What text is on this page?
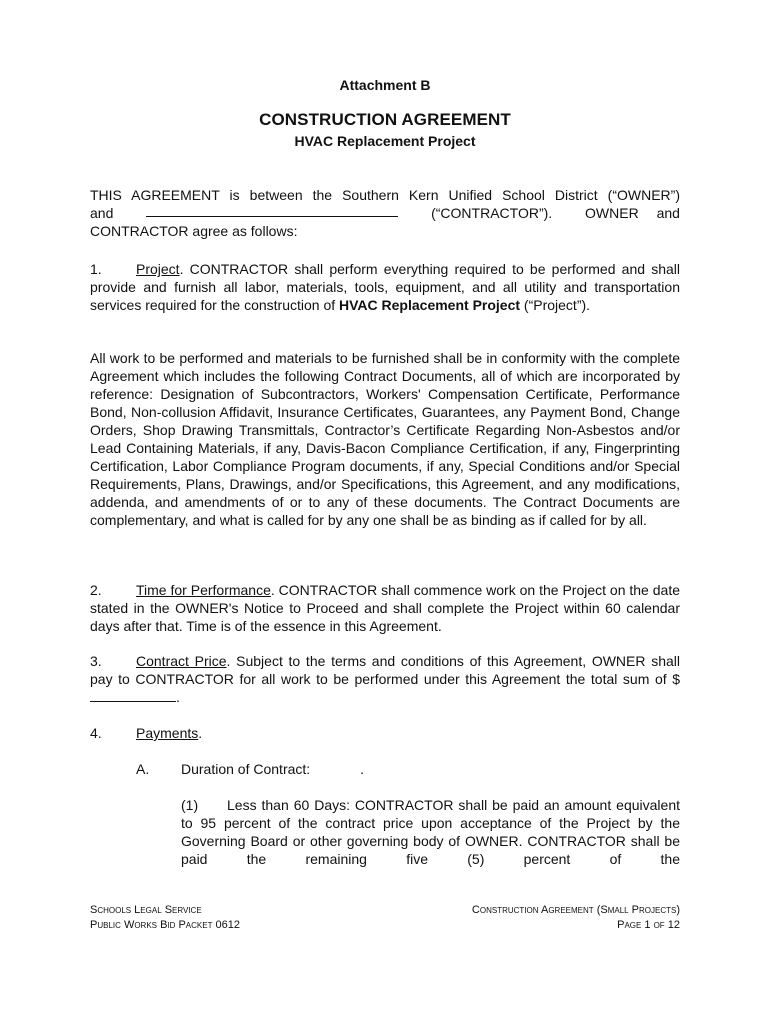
Attachment B
CONSTRUCTION AGREEMENT
HVAC Replacement Project
THIS AGREEMENT is between the Southern Kern Unified School District (“OWNER”)
and	(“CONTRACTOR”). OWNER and
CONTRACTOR agree as follows:
1. Project. CONTRACTOR shall perform everything required to be performed and shall provide and furnish all labor, materials, tools, equipment, and all utility and transportation services required for the construction of HVAC Replacement Project (“Project”).
All work to be performed and materials to be furnished shall be in conformity with the complete Agreement which includes the following Contract Documents, all of which are incorporated by reference: Designation of Subcontractors, Workers' Compensation Certificate, Performance Bond, Non-collusion Affidavit, Insurance Certificates, Guarantees, any Payment Bond, Change Orders, Shop Drawing Transmittals, Contractor’s Certificate Regarding Non-Asbestos and/or Lead Containing Materials, if any, Davis-Bacon Compliance Certification, if any, Fingerprinting Certification, Labor Compliance Program documents, if any, Special Conditions and/or Special Requirements, Plans, Drawings, and/or Specifications, this Agreement, and any modifications, addenda, and amendments of or to any of these documents. The Contract Documents are complementary, and what is called for by any one shall be as binding as if called for by all.
2. Time for Performance. CONTRACTOR shall commence work on the Project on the date stated in the OWNER's Notice to Proceed and shall complete the Project within 60 calendar days after that. Time is of the essence in this Agreement.
3. Contract Price. Subject to the terms and conditions of this Agreement, OWNER shall pay to CONTRACTOR for all work to be performed under this Agreement the total sum of $.
4. Payments.
A. Duration of Contract:	.
(1) Less than 60 Days: CONTRACTOR shall be paid an amount equivalent to 95 percent of the contract price upon acceptance of the Project by the Governing Board or other governing body of OWNER. CONTRACTOR shall be paid the remaining five (5) percent of the
Schools Legal Service
Public Works Bid Packet 0612
Construction Agreement (Small Projects)
Page 1 of 12
